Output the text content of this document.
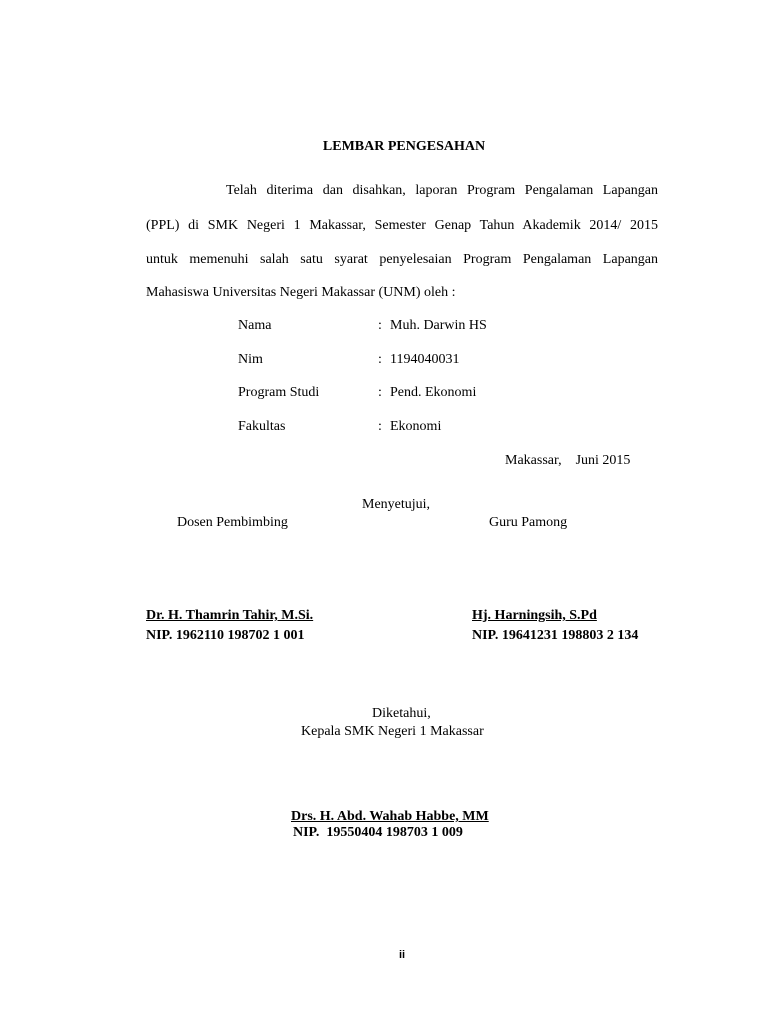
LEMBAR PENGESAHAN
Telah diterima dan disahkan, laporan Program Pengalaman Lapangan
(PPL) di SMK Negeri 1 Makassar, Semester Genap Tahun Akademik 2014/ 2015
untuk memenuhi salah satu syarat penyelesaian Program Pengalaman Lapangan
Mahasiswa Universitas Negeri Makassar (UNM) oleh :
Nama	: Muh. Darwin HS
Nim	: 1194040031
Program Studi	: Pend. Ekonomi
Fakultas	: Ekonomi
Makassar,    Juni 2015
Menyetujui,
Dosen Pembimbing	Guru Pamong
Dr. H. Thamrin Tahir, M.Si.
NIP. 1962110 198702 1 001
Hj. Harningsih, S.Pd
NIP. 19641231 198803 2 134
Diketahui,
Kepala SMK Negeri 1 Makassar
Drs. H. Abd. Wahab Habbe, MM
NIP.  19550404 198703 1 009
ii
